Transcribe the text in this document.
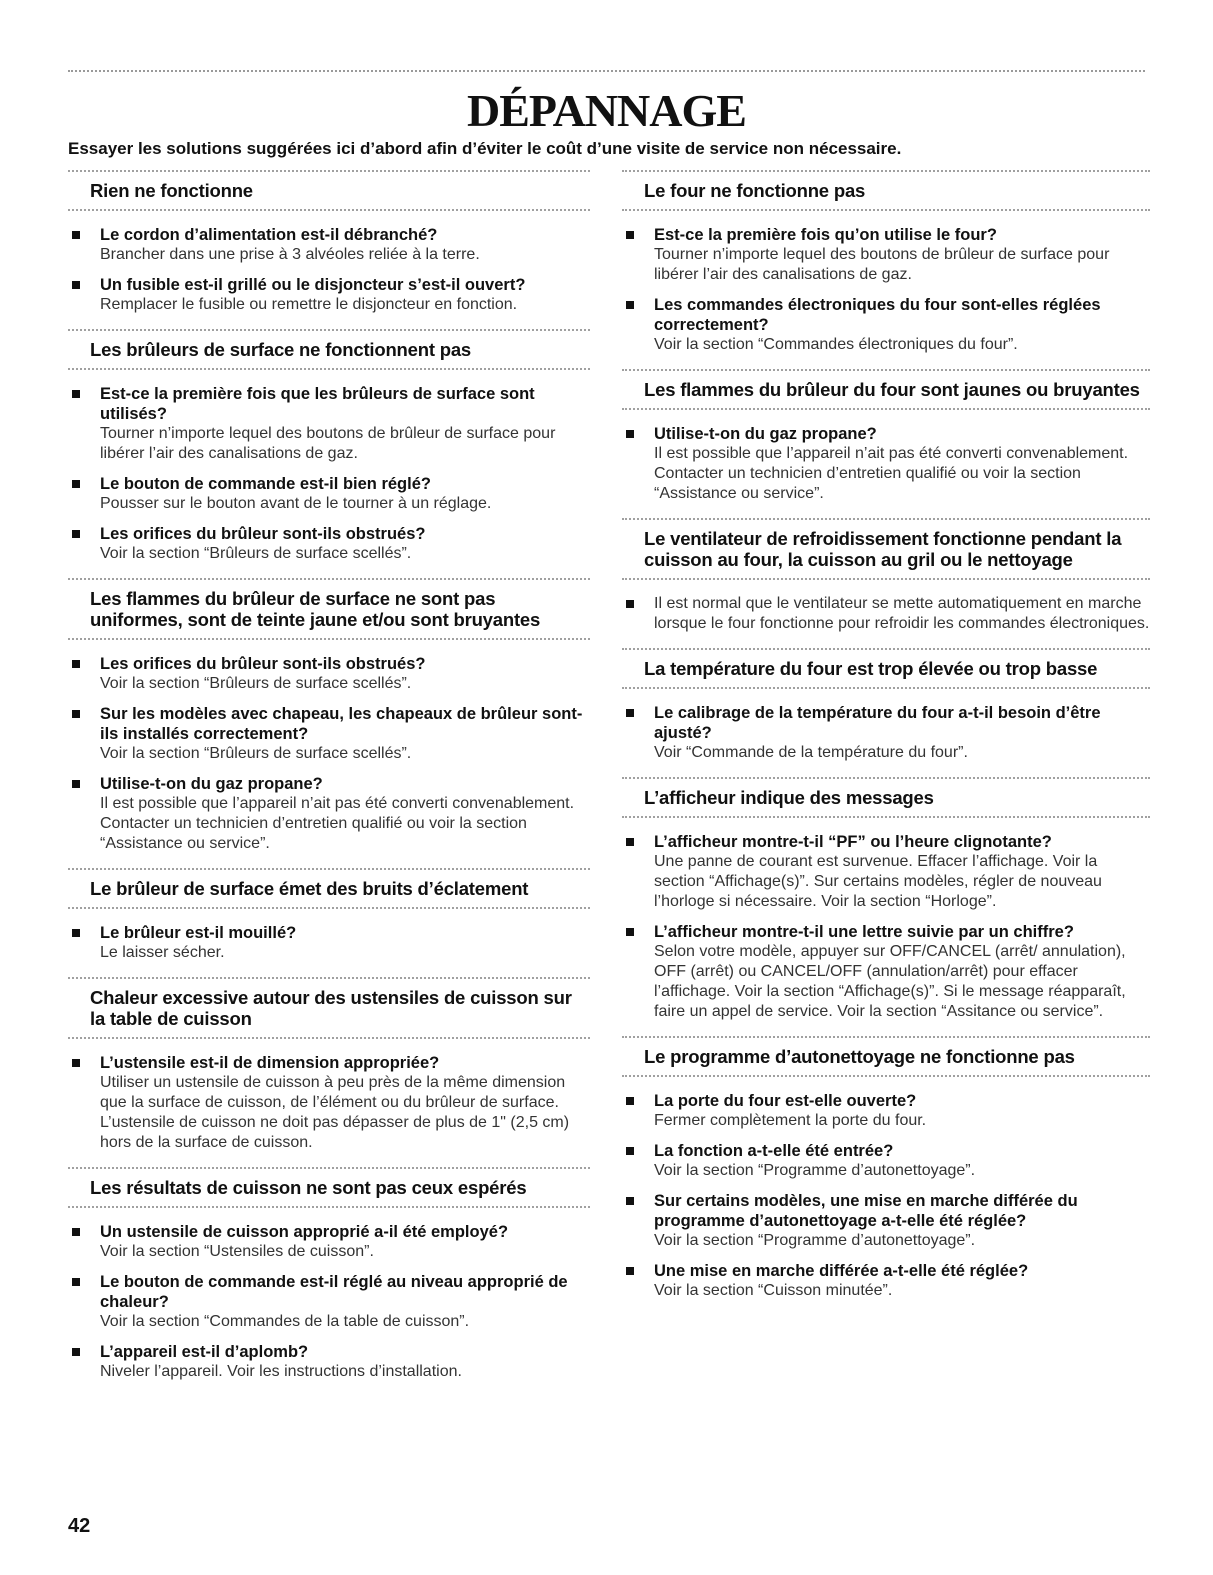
DÉPANNAGE
Essayer les solutions suggérées ici d’abord afin d’éviter le coût d’une visite de service non nécessaire.
Rien ne fonctionne
Le cordon d’alimentation est-il débranché?
Brancher dans une prise à 3 alvéoles reliée à la terre.
Un fusible est-il grillé ou le disjoncteur s’est-il ouvert?
Remplacer le fusible ou remettre le disjoncteur en fonction.
Les brûleurs de surface ne fonctionnent pas
Est-ce la première fois que les brûleurs de surface sont utilisés?
Tourner n’importe lequel des boutons de brûleur de surface pour libérer l’air des canalisations de gaz.
Le bouton de commande est-il bien réglé?
Pousser sur le bouton avant de le tourner à un réglage.
Les orifices du brûleur sont-ils obstrués?
Voir la section “Brûleurs de surface scellés”.
Les flammes du brûleur de surface ne sont pas uniformes, sont de teinte jaune et/ou sont bruyantes
Les orifices du brûleur sont-ils obstrués?
Voir la section “Brûleurs de surface scellés”.
Sur les modèles avec chapeau, les chapeaux de brûleur sont-ils installés correctement?
Voir la section “Brûleurs de surface scellés”.
Utilise-t-on du gaz propane?
Il est possible que l’appareil n’ait pas été converti convenablement. Contacter un technicien d’entretien qualifié ou voir la section “Assistance ou service”.
Le brûleur de surface émet des bruits d’éclatement
Le brûleur est-il mouillé?
Le laisser sécher.
Chaleur excessive autour des ustensiles de cuisson sur la table de cuisson
L’ustensile est-il de dimension appropriée?
Utiliser un ustensile de cuisson à peu près de la même dimension que la surface de cuisson, de l’élément ou du brûleur de surface. L’ustensile de cuisson ne doit pas dépasser de plus de 1" (2,5 cm) hors de la surface de cuisson.
Les résultats de cuisson ne sont pas ceux espérés
Un ustensile de cuisson approprié a-il été employé?
Voir la section “Ustensiles de cuisson”.
Le bouton de commande est-il réglé au niveau approprié de chaleur?
Voir la section “Commandes de la table de cuisson”.
L’appareil est-il d’aplomb?
Niveler l’appareil. Voir les instructions d’installation.
Le four ne fonctionne pas
Est-ce la première fois qu’on utilise le four?
Tourner n’importe lequel des boutons de brûleur de surface pour libérer l’air des canalisations de gaz.
Les commandes électroniques du four sont-elles réglées correctement?
Voir la section “Commandes électroniques du four”.
Les flammes du brûleur du four sont jaunes ou bruyantes
Utilise-t-on du gaz propane?
Il est possible que l’appareil n’ait pas été converti convenablement. Contacter un technicien d’entretien qualifié ou voir la section “Assistance ou service”.
Le ventilateur de refroidissement fonctionne pendant la cuisson au four, la cuisson au gril ou le nettoyage
Il est normal que le ventilateur se mette automatiquement en marche lorsque le four fonctionne pour refroidir les commandes électroniques.
La température du four est trop élevée ou trop basse
Le calibrage de la température du four a-t-il besoin d’être ajusté?
Voir “Commande de la température du four”.
L’afficheur indique des messages
L’afficheur montre-t-il “PF” ou l’heure clignotante?
Une panne de courant est survenue. Effacer l’affichage. Voir la section “Affichage(s)”. Sur certains modèles, régler de nouveau l’horloge si nécessaire. Voir la section “Horloge”.
L’afficheur montre-t-il une lettre suivie par un chiffre?
Selon votre modèle, appuyer sur OFF/CANCEL (arrêt/ annulation), OFF (arrêt) ou CANCEL/OFF (annulation/arrêt) pour effacer l’affichage. Voir la section “Affichage(s)”. Si le message réapparaît, faire un appel de service. Voir la section “Assitance ou service”.
Le programme d’autonettoyage ne fonctionne pas
La porte du four est-elle ouverte?
Fermer complètement la porte du four.
La fonction a-t-elle été entrée?
Voir la section “Programme d’autonettoyage”.
Sur certains modèles, une mise en marche différée du programme d’autonettoyage a-t-elle été réglée?
Voir la section “Programme d’autonettoyage”.
Une mise en marche différée a-t-elle été réglée?
Voir la section “Cuisson minutée”.
42
